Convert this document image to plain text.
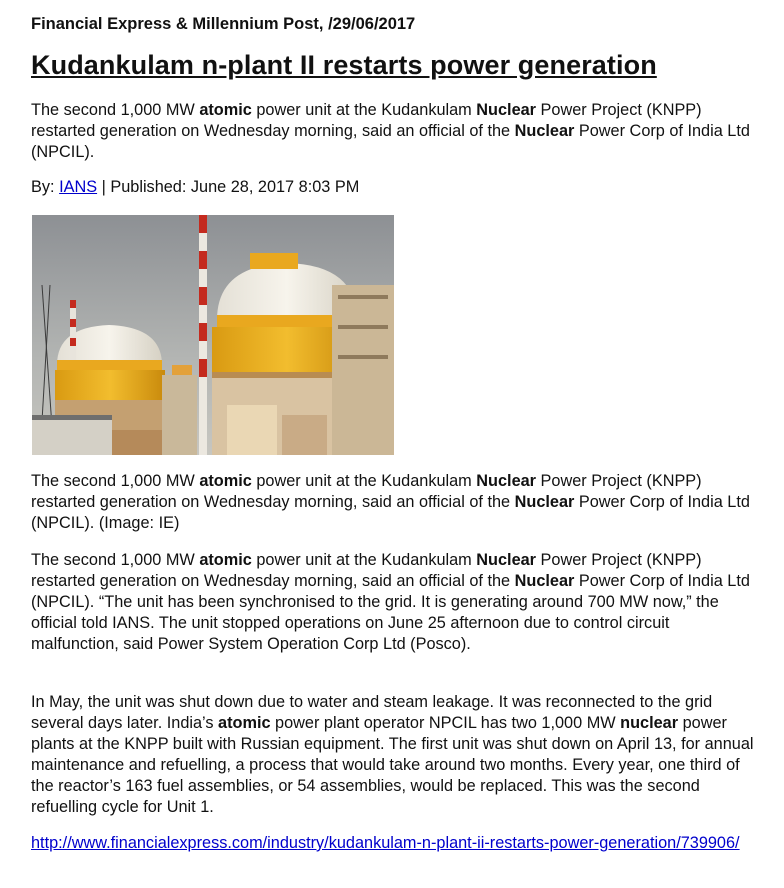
Financial Express & Millennium Post, /29/06/2017
Kudankulam n-plant II restarts power generation

The second 1,000 MW atomic power unit at the Kudankulam Nuclear Power Project (KNPP) restarted generation on Wednesday morning, said an official of the Nuclear Power Corp of India Ltd (NPCIL).

By: IANS | Published: June 28, 2017 8:03 PM

The second 1,000 MW atomic power unit at the Kudankulam Nuclear Power Project (KNPP) restarted generation on Wednesday morning, said an official of the Nuclear Power Corp of India Ltd (NPCIL). (Image: IE)

The second 1,000 MW atomic power unit at the Kudankulam Nuclear Power Project (KNPP) restarted generation on Wednesday morning, said an official of the Nuclear Power Corp of India Ltd (NPCIL). “The unit has been synchronised to the grid. It is generating around 700 MW now,” the official told IANS. The unit stopped operations on June 25 afternoon due to control circuit malfunction, said Power System Operation Corp Ltd (Posco).

In May, the unit was shut down due to water and steam leakage. It was reconnected to the grid several days later. India’s atomic power plant operator NPCIL has two 1,000 MW nuclear power plants at the KNPP built with Russian equipment. The first unit was shut down on April 13, for annual maintenance and refuelling, a process that would take around two months. Every year, one third of the reactor’s 163 fuel assemblies, or 54 assemblies, would be replaced. This was the second refuelling cycle for Unit 1.

http://www.financialexpress.com/industry/kudankulam-n-plant-ii-restarts-power-generation/739906/
